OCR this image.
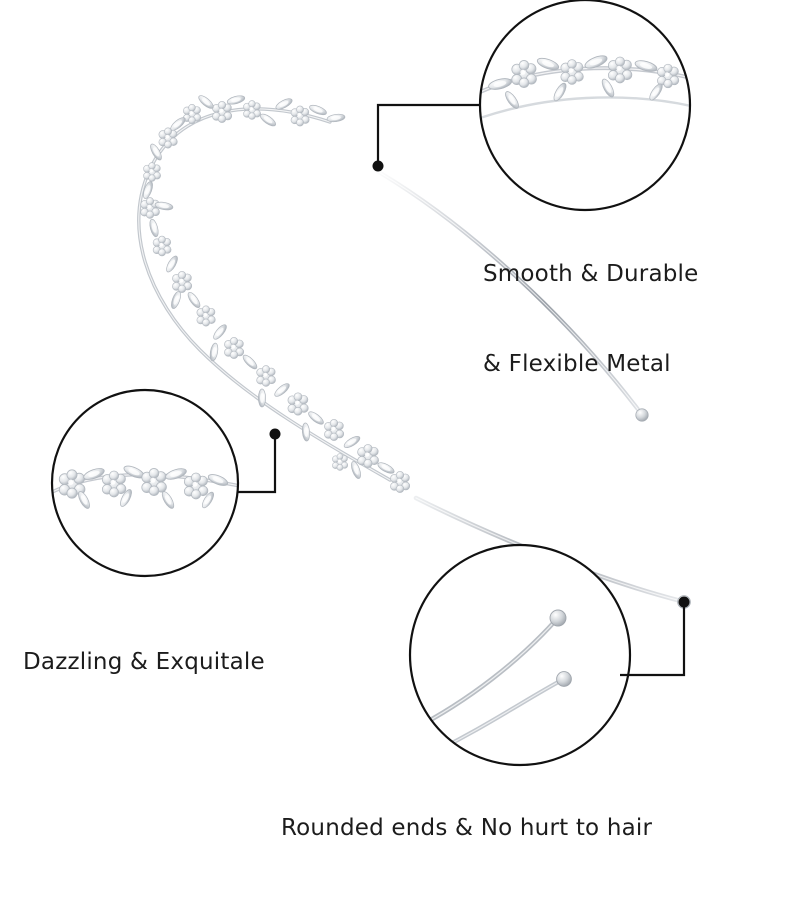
Smooth & Durable

& Flexible Metal

Dazzling & Exquitale

Rounded ends & No hurt to hair
